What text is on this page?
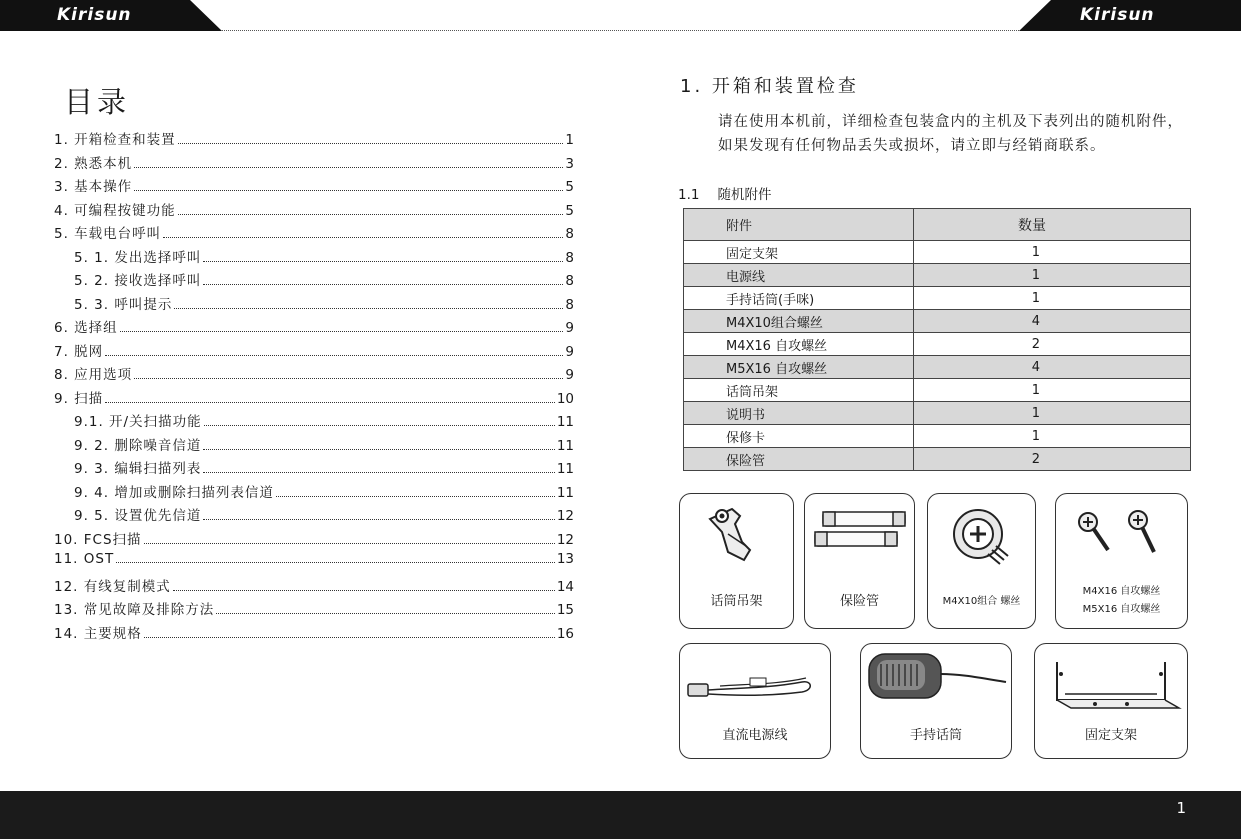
Kirisun	Kirisun
目录
1. 开箱检查和装置	1
2. 熟悉本机	3
3. 基本操作	5
4. 可编程按键功能	5
5. 车载电台呼叫	8
5. 1. 发出选择呼叫	8
5. 2. 接收选择呼叫	8
5. 3. 呼叫提示	8
6. 选择组	9
7. 脱网	9
8. 应用选项	9
9. 扫描	10
9.1. 开/关扫描功能	11
9. 2. 删除噪音信道	11
9. 3. 编辑扫描列表	11
9. 4. 增加或删除扫描列表信道	11
9. 5. 设置优先信道	12
10. FCS扫描	12
11. OST	13
12. 有线复制模式	14
13. 常见故障及排除方法	15
14. 主要规格	16
1. 开箱和装置检查
请在使用本机前，详细检查包装盒内的主机及下表列出的随机附件，如果发现有任何物品丢失或损坏，请立即与经销商联系。
1.1 随机附件
附件	数量
固定支架	1
电源线	1
手持话筒(手咪)	1
M4X10组合螺丝	4
M4X16 自攻螺丝	2
M5X16 自攻螺丝	4
话筒吊架	1
说明书	1
保修卡	1
保险管	2
话筒吊架	保险管	M4X10组合 螺丝
M4X16 自攻螺丝
M5X16 自攻螺丝
直流电源线	手持话筒	固定支架
1
